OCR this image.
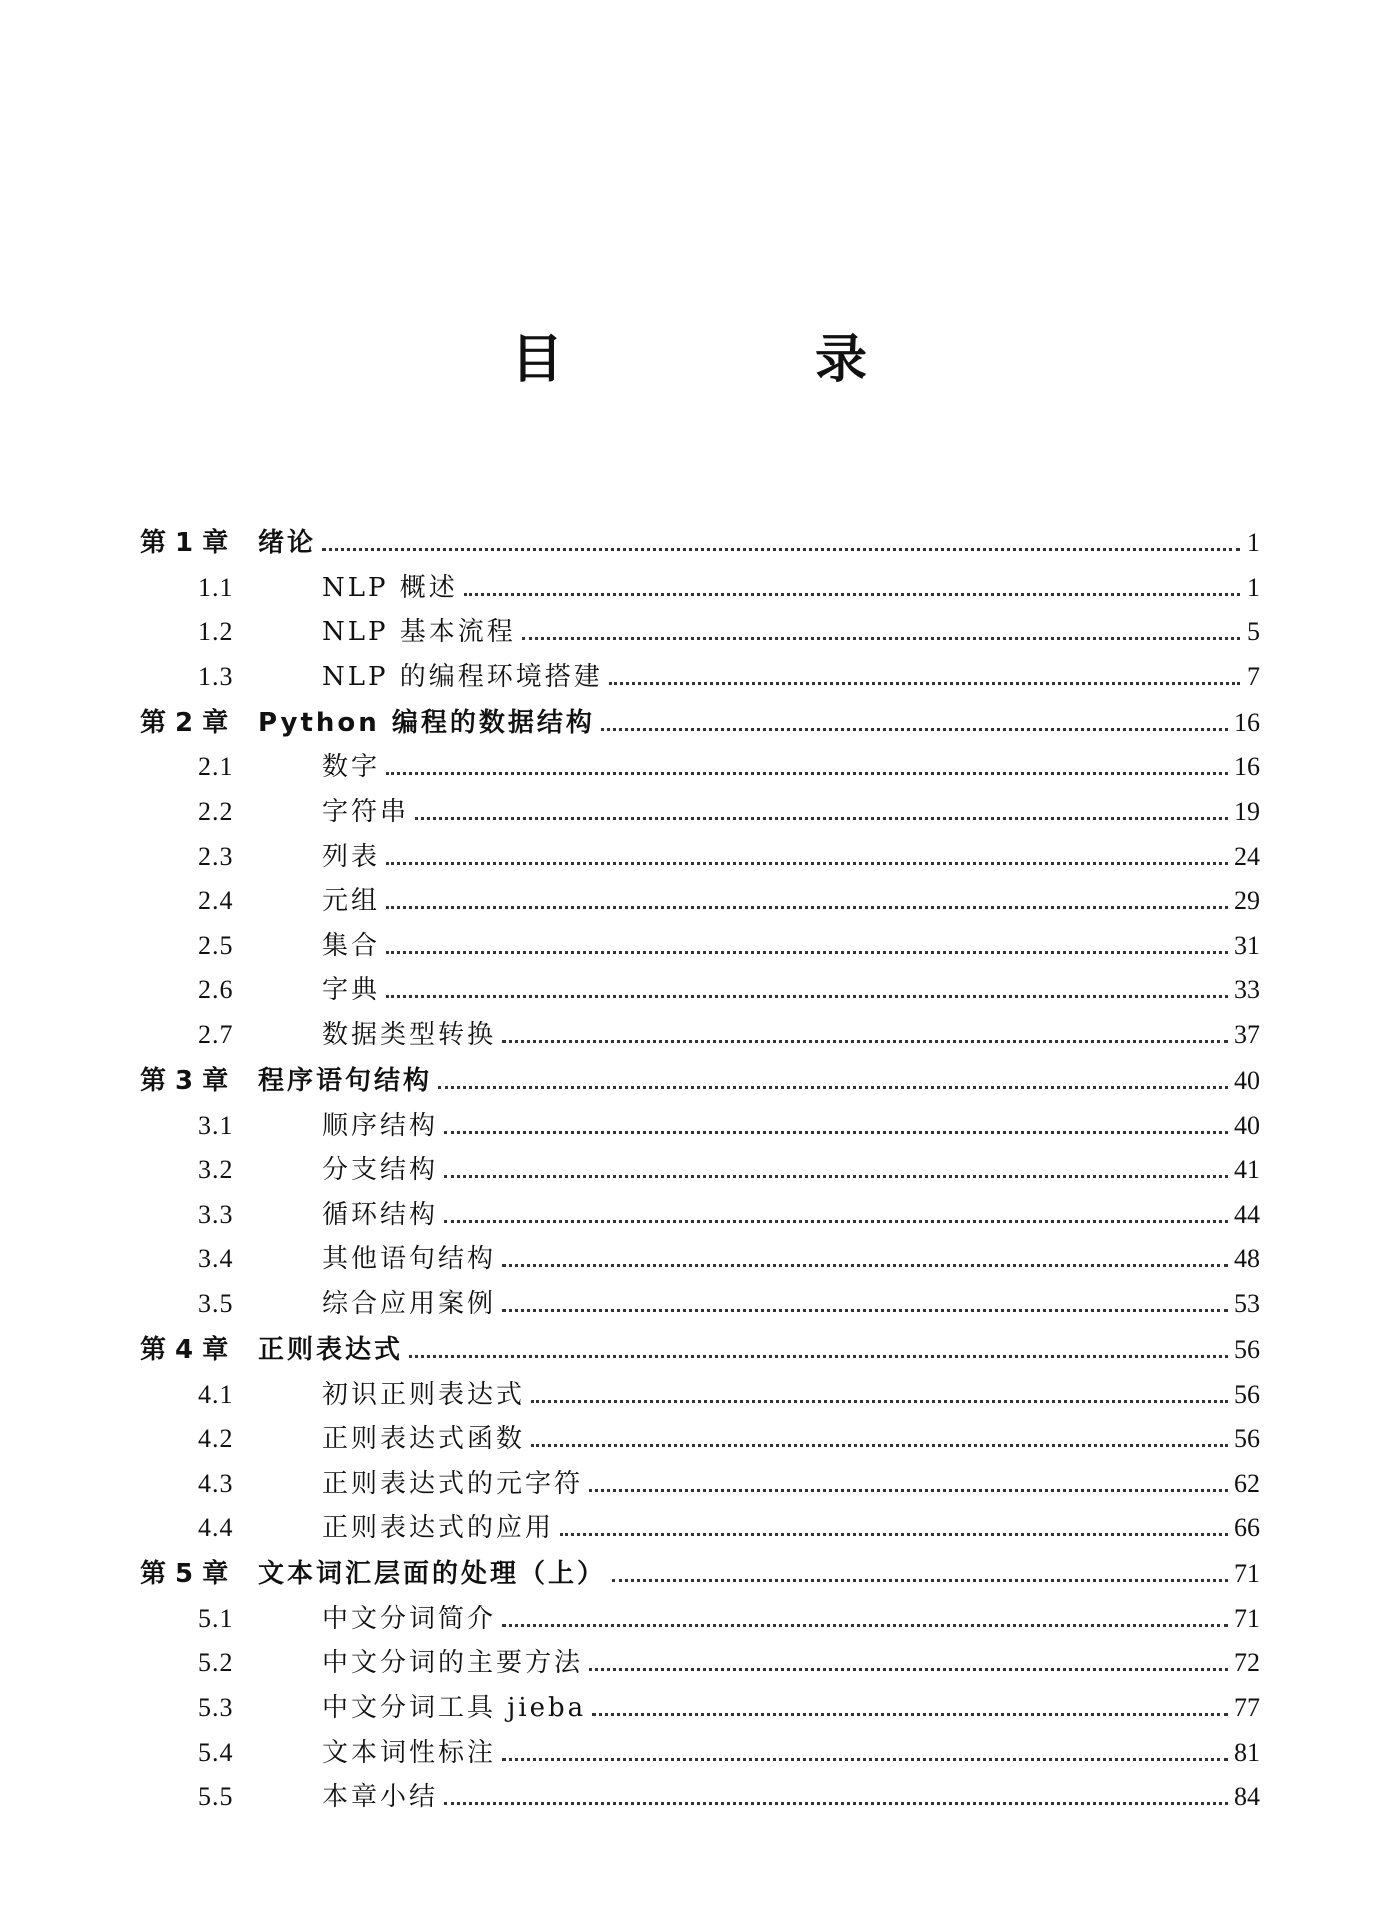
目　录
第 1 章	绪论	1
1.1	NLP 概述	1
1.2	NLP 基本流程	5
1.3	NLP 的编程环境搭建	7
第 2 章	Python 编程的数据结构	16
2.1	数字	16
2.2	字符串	19
2.3	列表	24
2.4	元组	29
2.5	集合	31
2.6	字典	33
2.7	数据类型转换	37
第 3 章	程序语句结构	40
3.1	顺序结构	40
3.2	分支结构	41
3.3	循环结构	44
3.4	其他语句结构	48
3.5	综合应用案例	53
第 4 章	正则表达式	56
4.1	初识正则表达式	56
4.2	正则表达式函数	56
4.3	正则表达式的元字符	62
4.4	正则表达式的应用	66
第 5 章	文本词汇层面的处理（上）	71
5.1	中文分词简介	71
5.2	中文分词的主要方法	72
5.3	中文分词工具 jieba	77
5.4	文本词性标注	81
5.5	本章小结	84
